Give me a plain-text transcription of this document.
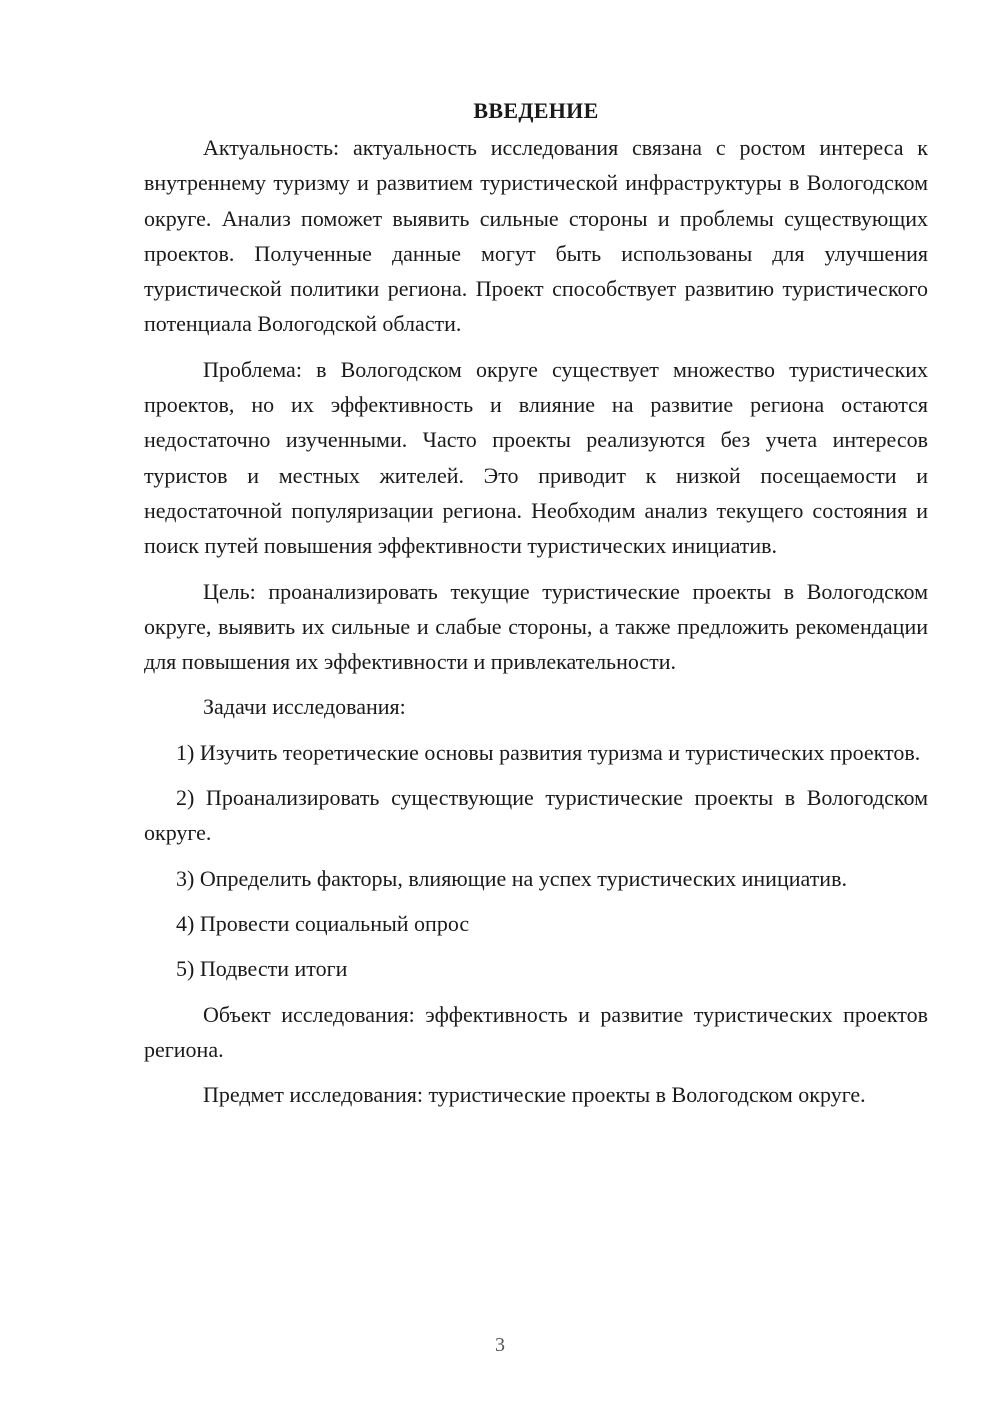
ВВЕДЕНИЕ

Актуальность: актуальность исследования связана с ростом интереса к внутреннему туризму и развитием туристической инфраструктуры в Вологодском округе. Анализ поможет выявить сильные стороны и проблемы существующих проектов. Полученные данные могут быть использованы для улучшения туристической политики региона. Проект способствует развитию туристического потенциала Вологодской области.

Проблема: в Вологодском округе существует множество туристических проектов, но их эффективность и влияние на развитие региона остаются недостаточно изученными. Часто проекты реализуются без учета интересов туристов и местных жителей. Это приводит к низкой посещаемости и недостаточной популяризации региона. Необходим анализ текущего состояния и поиск путей повышения эффективности туристических инициатив.

Цель: проанализировать текущие туристические проекты в Вологодском округе, выявить их сильные и слабые стороны, а также предложить рекомендации для повышения их эффективности и привлекательности.

Задачи исследования:

1) Изучить теоретические основы развития туризма и туристических проектов.

2) Проанализировать существующие туристические проекты в Вологодском округе.

3) Определить факторы, влияющие на успех туристических инициатив.

4) Провести социальный опрос

5) Подвести итоги

Объект исследования: эффективность и развитие туристических проектов региона.

Предмет исследования: туристические проекты в Вологодском округе.

3
